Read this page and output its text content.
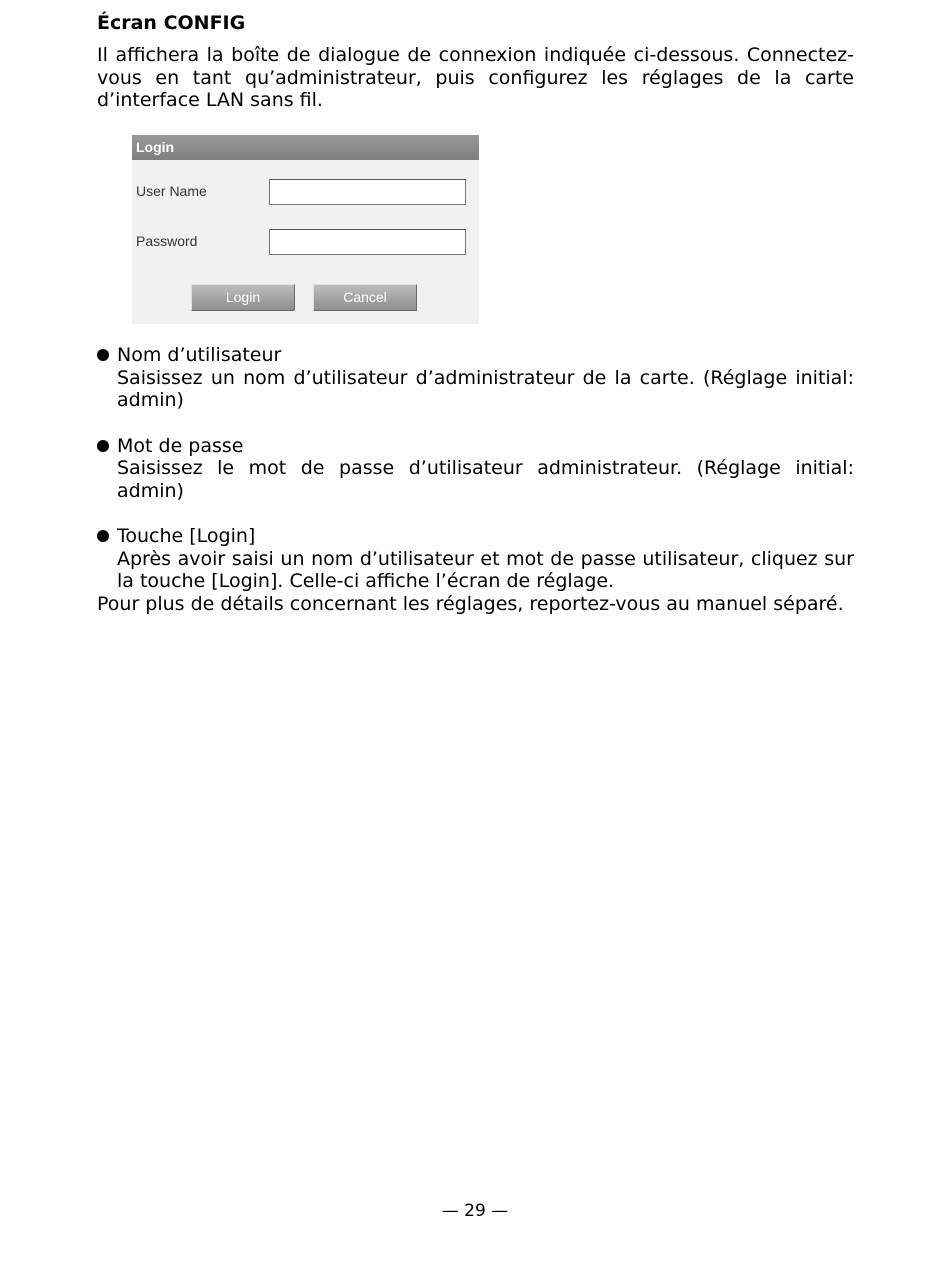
Écran CONFIG

Il affichera la boîte de dialogue de connexion indiquée ci-dessous. Connectez-vous en tant qu’administrateur, puis configurez les réglages de la carte d’interface LAN sans fil.

Login
User Name
Password
Login	Cancel
Nom d’utilisateur
Saisissez un nom d’utilisateur d’administrateur de la carte. (Réglage initial: admin)
Mot de passe
Saisissez le mot de passe d’utilisateur administrateur. (Réglage initial: admin)
Touche [Login]
Après avoir saisi un nom d’utilisateur et mot de passe utilisateur, cliquez sur la touche [Login]. Celle-ci affiche l’écran de réglage.
Pour plus de détails concernant les réglages, reportez-vous au manuel séparé.
— 29 —
